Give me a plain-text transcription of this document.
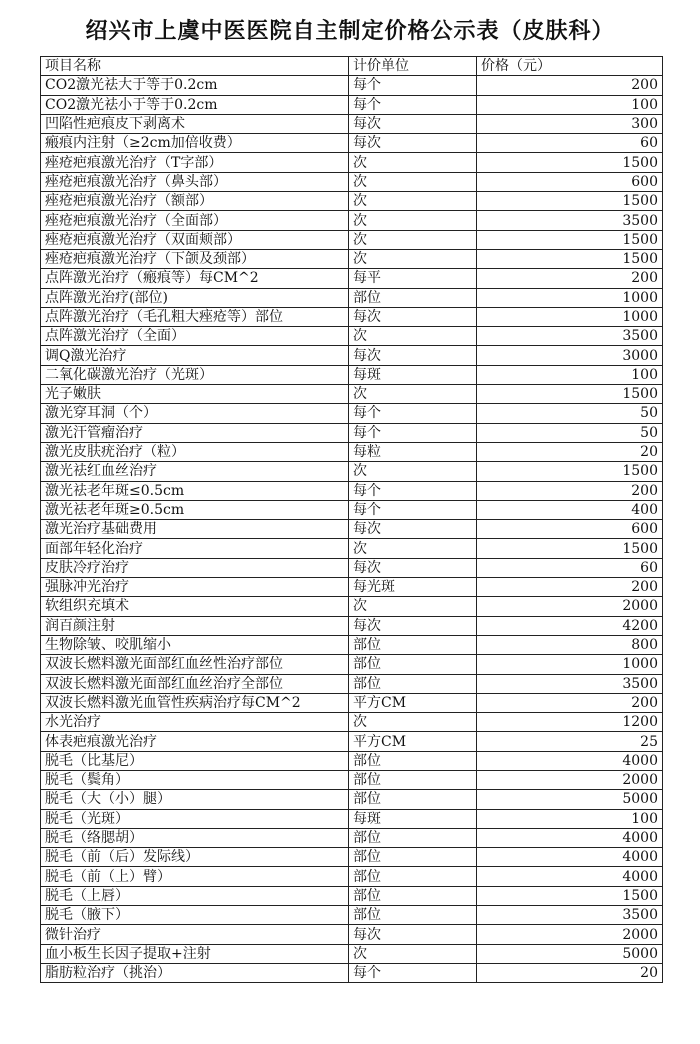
绍兴市上虞中医医院自主制定价格公示表（皮肤科）
项目名称	计价单位	价格（元）
CO2激光祛大于等于0.2cm	每个	200
CO2激光祛小于等于0.2cm	每个	100
凹陷性疤痕皮下剥离术	每次	300
瘢痕内注射（≥2cm加倍收费）	每次	60
痤疮疤痕激光治疗（T字部）	次	1500
痤疮疤痕激光治疗（鼻头部）	次	600
痤疮疤痕激光治疗（额部）	次	1500
痤疮疤痕激光治疗（全面部）	次	3500
痤疮疤痕激光治疗（双面颊部）	次	1500
痤疮疤痕激光治疗（下颌及颈部）	次	1500
点阵激光治疗（瘢痕等）每CM^2	每平	200
点阵激光治疗(部位)	部位	1000
点阵激光治疗（毛孔粗大痤疮等）部位	每次	1000
点阵激光治疗（全面）	次	3500
调Q激光治疗	每次	3000
二氧化碳激光治疗（光斑）	每斑	100
光子嫩肤	次	1500
激光穿耳洞（个）	每个	50
激光汗管瘤治疗	每个	50
激光皮肤疣治疗（粒）	每粒	20
激光祛红血丝治疗	次	1500
激光祛老年斑≤0.5cm	每个	200
激光祛老年斑≥0.5cm	每个	400
激光治疗基础费用	每次	600
面部年轻化治疗	次	1500
皮肤冷疗治疗	每次	60
强脉冲光治疗	每光斑	200
软组织充填术	次	2000
润百颜注射	每次	4200
生物除皱、咬肌缩小	部位	800
双波长燃料激光面部红血丝性治疗部位	部位	1000
双波长燃料激光面部红血丝治疗全部位	部位	3500
双波长燃料激光血管性疾病治疗每CM^2	平方CM	200
水光治疗	次	1200
体表疤痕激光治疗	平方CM	25
脱毛（比基尼）	部位	4000
脱毛（鬓角）	部位	2000
脱毛（大（小）腿）	部位	5000
脱毛（光斑）	每斑	100
脱毛（络腮胡）	部位	4000
脱毛（前（后）发际线）	部位	4000
脱毛（前（上）臂）	部位	4000
脱毛（上唇）	部位	1500
脱毛（腋下）	部位	3500
微针治疗	每次	2000
血小板生长因子提取+注射	次	5000
脂肪粒治疗（挑治）	每个	20
